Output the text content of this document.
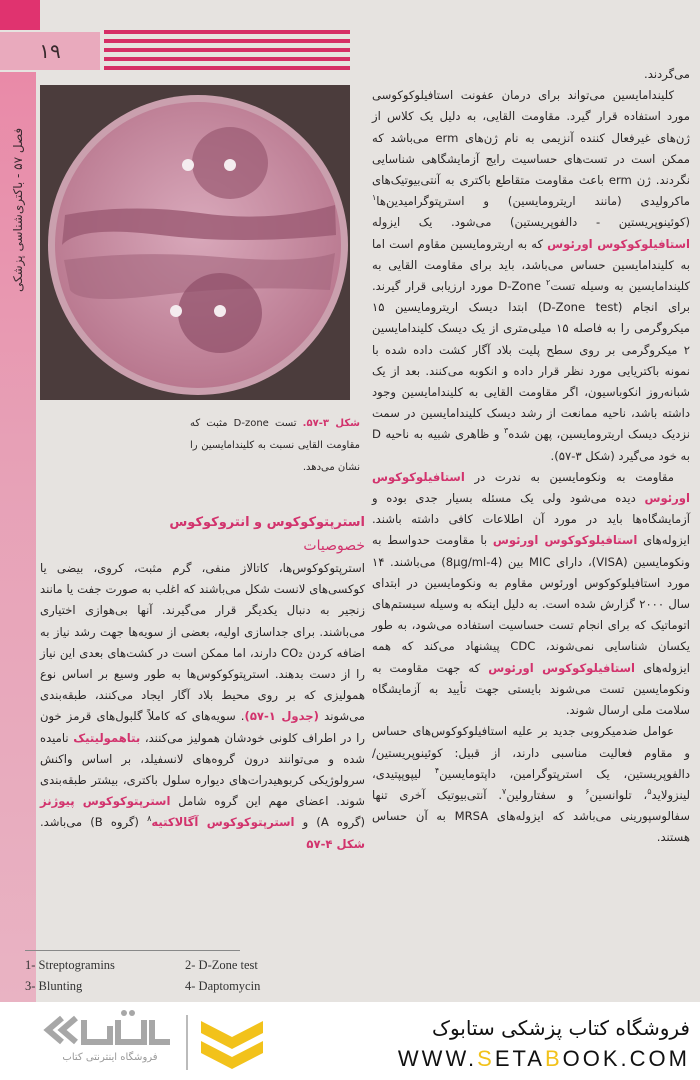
فصل ۵۷ - باکتری‌شناسی پزشکی
۱۹
شکل ۳-۵۷. تست D-zone مثبت که مقاومت القایی نسبت به کلیندامایسین را نشان می‌دهد.

می‌گردند.

کلیندامایسین می‌تواند برای درمان عفونت استافیلوکوکوسی مورد استفاده قرار گیرد. مقاومت القایی، به دلیل یک کلاس از ژن‌های غیرفعال کننده آنزیمی به نام ژن‌های erm می‌باشد که ممکن است در تست‌های حساسیت رایج آزمایشگاهی شناسایی نگردند. ژن erm باعث مقاومت متقاطع باکتری به آنتی‌بیوتیک‌های ماکرولیدی (مانند اریترومایسین) و استرپتوگرامیدین‌ها$^۱$ (کوئینوپریستین - دالفوپریستین) می‌شود. یک ایزوله استافیلوکوکوس اورئوس که به اریترومایسین مقاوم است اما به کلیندامایسین حساس می‌باشد، باید برای مقاومت القایی به کلیندامایسین به وسیله تست$^۲$ D-Zone مورد ارزیابی قرار گیرند. برای انجام (D-Zone test) ابتدا دیسک اریترومایسین ۱۵ میکروگرمی را به فاصله ۱۵ میلی‌متری از یک دیسک کلیندامایسین ۲ میکروگرمی بر روی سطح پلیت بلاد آگار کشت داده شده با نمونه باکتریایی مورد نظر قرار داده و انکوبه می‌کنند. بعد از یک شبانه‌روز انکوباسیون، اگر مقاومت القایی به کلیندامایسین وجود داشته باشد، ناحیه ممانعت از رشد دیسک کلیندامایسین در سمت نزدیک دیسک اریترومایسین، پهن شده$^۳$ و ظاهری شبیه به ناحیه D به خود می‌گیرد (شکل ۳-۵۷).

مقاومت به ونکومایسین به ندرت در استافیلوکوکوس اورئوس دیده می‌شود ولی یک مسئله بسیار جدی بوده و آزمایشگاه‌ها باید در مورد آن اطلاعات کافی داشته باشند. ایزوله‌های استافیلوکوکوس اورئوس با مقاومت حدواسط به ونکومایسین (VISA)، دارای MIC بین (4-8μg/ml) می‌باشند. ۱۴ مورد استافیلوکوکوس اورئوس مقاوم به ونکومایسین در ابتدای سال ۲۰۰۰ گزارش شده است. به دلیل اینکه به وسیله سیستم‌های اتوماتیک که برای انجام تست حساسیت استفاده می‌شود، به طور یکسان شناسایی نمی‌شوند، CDC پیشنهاد می‌کند که همه ایزوله‌های استافیلوکوکوس اورئوس که جهت مقاومت به ونکومایسین تست می‌شوند بایستی جهت تأیید به آزمایشگاه سلامت ملی ارسال شوند.

عوامل ضدمیکروبی جدید بر علیه استافیلوکوکوس‌های حساس و مقاوم فعالیت مناسبی دارند، از قبیل: کوئینوپریستین/دالفوپریستین، یک استرپتوگرامین، داپتومایسین$^۴$ لیپوپپتیدی، لینزولاید$^۵$، تلوانسین$^۶$ و سفتارولین$^۷$. آنتی‌بیوتیک آخری تنها سفالوسپورینی می‌باشد که ایزوله‌های MRSA به آن حساس هستند.

استرپتوکوکوس و انتروکوکوس
خصوصیات

استرپتوکوکوس‌ها، کاتالاز منفی، گرم مثبت، کروی، بیضی یا کوکسی‌های لانست شکل می‌باشند که اغلب به صورت جفت یا مانند زنجیر به دنبال یکدیگر قرار می‌گیرند. آنها بی‌هوازی اختیاری می‌باشند. برای جداسازی اولیه، بعضی از سویه‌ها جهت رشد نیاز به اضافه کردن CO₂ دارند، اما ممکن است در کشت‌های بعدی این نیاز را از دست بدهند. استرپتوکوکوس‌ها به طور وسیع بر اساس نوع همولیزی که بر روی محیط بلاد آگار ایجاد می‌کنند، طبقه‌بندی می‌شوند (جدول ۱-۵۷). سویه‌های که کاملاً گلبول‌های قرمز خون را در اطراف کلونی خودشان همولیز می‌کنند، بتاهمولیتیک نامیده شده و می‌توانند درون گروه‌های لانسفیلد، بر اساس واکنش سرولوژیکی کربوهیدرات‌های دیواره سلول باکتری، بیشتر طبقه‌بندی شوند. اعضای مهم این گروه شامل استرپتوکوکوس پیوژنز (گروه A) و استرپتوکوکوس آگالاکتیه$^۸$ (گروه B) می‌باشد. شکل ۴-۵۷

1- Streptogramins	2- D-Zone test
3- Blunting	4- Daptomycin
فروشگاه اینترنتی کتاب
فروشگاه کتاب پزشکی ستابوک
WWW.SETABOOK.COM
